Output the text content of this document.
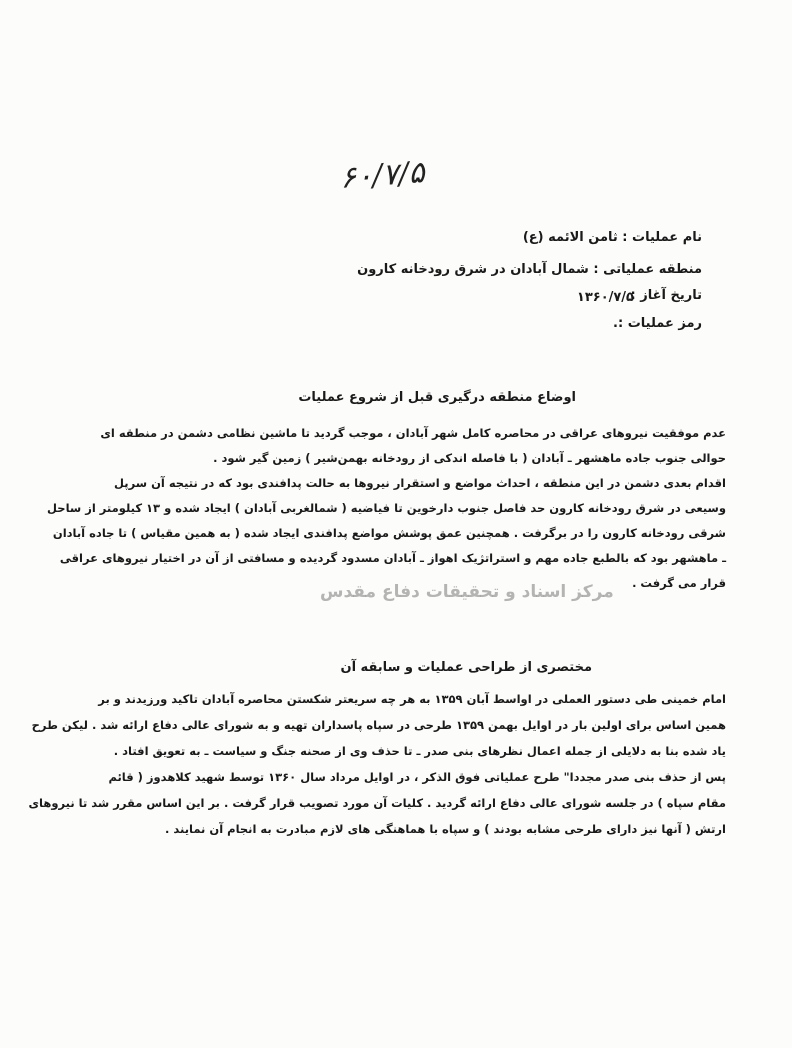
۶۰/۷/۵
نام عملیات : ثامن الائمه (ع)
منطقه عملیاتی : شمال آبادان در شرق رودخانه کارون
تاریخ آغاز :
۱۳۶۰/۷/۵
رمز عملیات :.
اوضاع منطقه درگیری قبل از شروع عملیات
عدم موفقیت نیروهای عراقی در محاصره کامل شهر آبادان ، موجب گردید تا ماشین نظامی دشمن در منطقه ای
حوالی جنوب جاده ماهشهر ـ آبادان ( با فاصله اندکی از رودخانه بهمن‌شیر ) زمین گیر شود .
اقدام بعدی دشمن در این منطقه ، احداث مواضع و استقرار نیروها به حالت پدافندی بود که در نتیجه آن سرپل
وسیعی در شرق رودخانه کارون حد فاصل جنوب دارخوین تا فیاضیه ( شمالغربی آبادان ) ایجاد شده و ۱۳ کیلومتر از ساحل
شرقی رودخانه کارون را در برگرفت . همچنین عمق پوشش مواضع پدافندی ایجاد شده ( به همین مقیاس ) تا جاده آبادان
ـ ماهشهر بود که بالطبع جاده مهم و استراتژیک اهواز ـ آبادان مسدود گردیده و مسافتی از آن در اختیار نیروهای عراقی
قرار می گرفت .
مرکز اسناد و تحقیقات دفاع مقدس
مختصری از طراحی عملیات و سابقه آن
امام خمینی طی دستور العملی در اواسط آبان ۱۳۵۹ به هر چه سریعتر شکستن محاصره آبادان تاکید ورزیدند و بر
همین اساس برای اولین بار در اوایل بهمن ۱۳۵۹ طرحی در سپاه پاسداران تهیه و به شورای عالی دفاع ارائه شد . لیکن طرح
یاد شده بنا به دلایلی از جمله اعمال نظرهای بنی صدر ـ تا حذف وی از صحنه جنگ و سیاست ـ به تعویق افتاد .
پس از حذف بنی صدر مجددا" طرح عملیاتی فوق الذکر ، در اوایل مرداد سال ۱۳۶۰ توسط شهید کلاهدوز ( قائم
مقام سپاه ) در جلسه شورای عالی دفاع ارائه گردید . کلیات آن مورد تصویب قرار گرفت . بر این اساس مقرر شد تا نیروهای
ارتش ( آنها نیز دارای طرحی مشابه بودند ) و سپاه با هماهنگی های لازم مبادرت به انجام آن نمایند .
